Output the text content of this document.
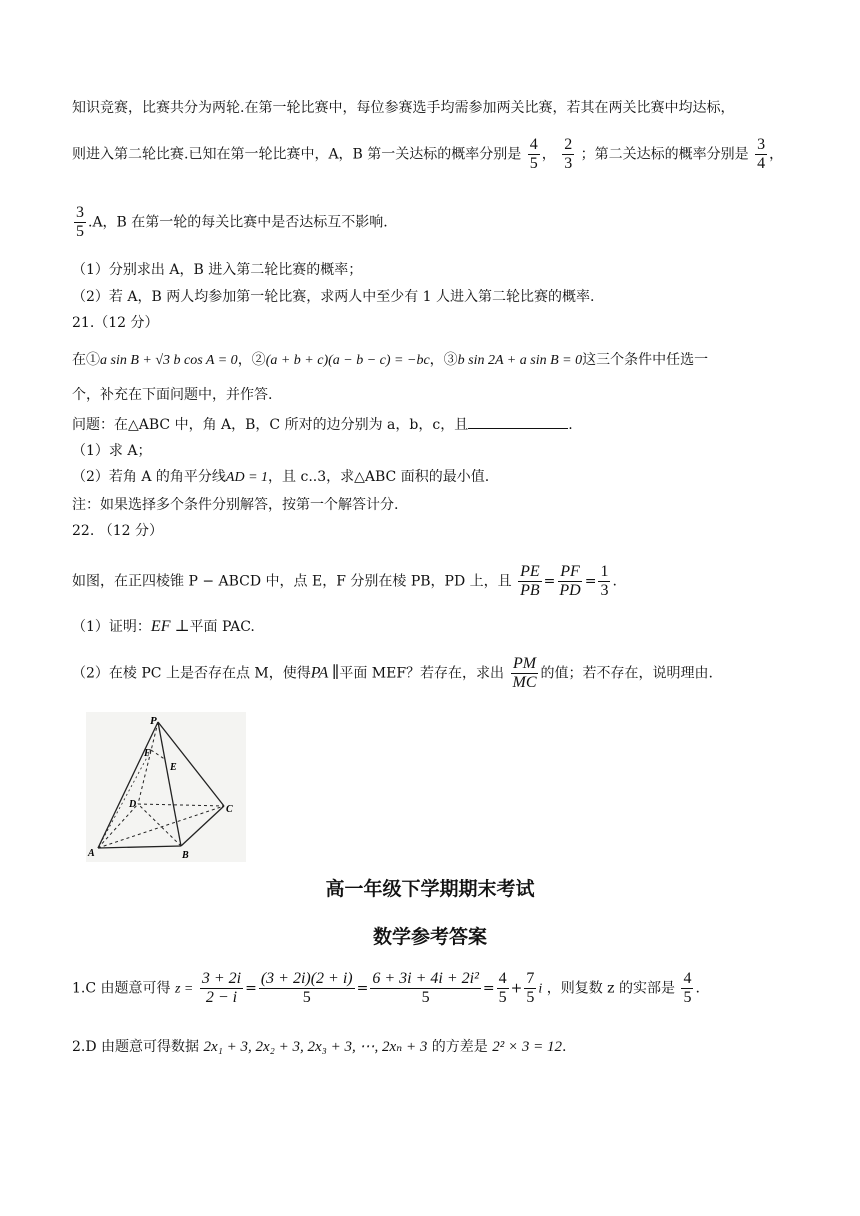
知识竞赛，比赛共分为两轮.在第一轮比赛中，每位参赛选手均需参加两关比赛，若其在两关比赛中均达标，
则进入第二轮比赛.已知在第一轮比赛中，A，B 第一关达标的概率分别是 $\frac{4}{5}$ ， $\frac{2}{3}$ ；第二关达标的概率分别是 $\frac{3}{4}$ ，
$\frac{3}{5} .A$，B 在第一轮的每关比赛中是否达标互不影响.
（1）分别求出 A，B 进入第二轮比赛的概率；
（2）若 A，B 两人均参加第一轮比赛，求两人中至少有 1 人进入第二轮比赛的概率.
21.（12 分）
在①a sin B + √3 b cos A = 0，②(a + b + c)(a − b − c) = −bc，③b sin 2A + a sin B = 0这三个条件中任选一
个，补充在下面问题中，并作答.
问题：在△ABC 中，角 A，B，C 所对的边分别为 a，b，c，且	.
（1）求 A；
（2）若角 A 的角平分线AD = 1，且 c..3，求△ABC 面积的最小值.
注：如果选择多个条件分别解答，按第一个解答计分.
22. （12 分）
如图，在正四棱锥 P − ABCD 中，点 E，F 分别在棱 PB，PD 上，且 $\frac{PE}{PB} = \frac{PF}{PD} = \frac{1}{3}$ .
（1）证明：EF ⊥平面 PAC.
（2）在棱 PC 上是否存在点 M，使得PA ∥平面 MEF？若存在，求出 $\frac{PM}{MC}$ 的值；若不存在，说明理由.
P
F
E
D	C
A	B
高一年级下学期期末考试
数学参考答案
1.C 由题意可得 $z = \frac{3 + 2i}{2 - i} = \frac{(3 + 2i)(2 + i)}{5} = \frac{\text{6 + 3i + 4i + 2i²}}{5} = \frac{4}{5} + \frac{7}{5}$ i ，则复数 z 的实部是 $\frac{4}{5}$ .
2.D 由题意可得数据 2x₁ + 3, 2x₂ + 3, 2x₃ + 3, ⋯, 2xₙ + 3 的方差是 2² × 3 = 12.
